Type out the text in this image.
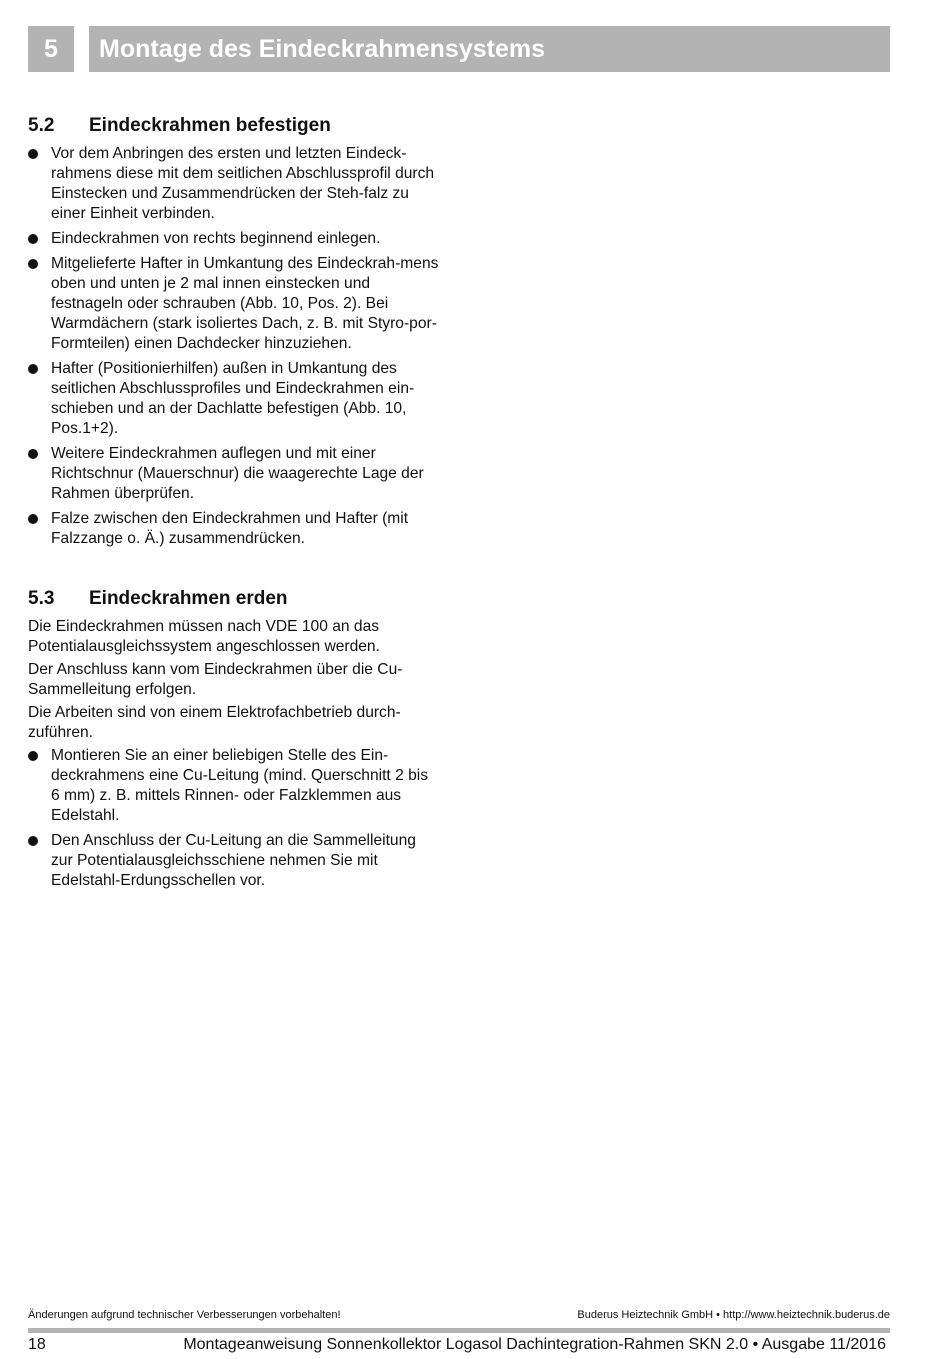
5	Montage des Eindeckrahmensystems
5.2	Eindeckrahmen befestigen
Vor dem Anbringen des ersten und letzten Eindeck-rahmens diese mit dem seitlichen Abschlussprofil durch Einstecken und Zusammendrücken der Steh-falz zu einer Einheit verbinden.
Eindeckrahmen von rechts beginnend einlegen.
Mitgelieferte Hafter in Umkantung des Eindeckrah-mens oben und unten je 2 mal innen einstecken und festnageln oder schrauben (Abb. 10, Pos. 2). Bei Warmdächern (stark isoliertes Dach, z. B. mit Styro-por-Formteilen) einen Dachdecker hinzuziehen.
Hafter (Positionierhilfen) außen in Umkantung des seitlichen Abschlussprofiles und Eindeckrahmen ein-schieben und an der Dachlatte befestigen (Abb. 10, Pos.1+2).
Weitere Eindeckrahmen auflegen und mit einer Richtschnur (Mauerschnur) die waagerechte Lage der Rahmen überprüfen.
Falze zwischen den Eindeckrahmen und Hafter (mit Falzzange o. Ä.) zusammendrücken.
5.3	Eindeckrahmen erden

Die Eindeckrahmen müssen nach VDE 100 an das Potentialausgleichssystem angeschlossen werden.

Der Anschluss kann vom Eindeckrahmen über die Cu-Sammelleitung erfolgen.

Die Arbeiten sind von einem Elektrofachbetrieb durch-zuführen.

Montieren Sie an einer beliebigen Stelle des Ein-deckrahmens eine Cu-Leitung (mind. Querschnitt 2 bis 6 mm) z. B. mittels Rinnen- oder Falzklemmen aus Edelstahl.
Den Anschluss der Cu-Leitung an die Sammelleitung zur Potentialausgleichsschiene nehmen Sie mit Edelstahl-Erdungsschellen vor.
Änderungen aufgrund technischer Verbesserungen vorbehalten!	Buderus Heiztechnik GmbH • http://www.heiztechnik.buderus.de
18	Montageanweisung Sonnenkollektor Logasol Dachintegration-Rahmen SKN 2.0 • Ausgabe 11/2016
